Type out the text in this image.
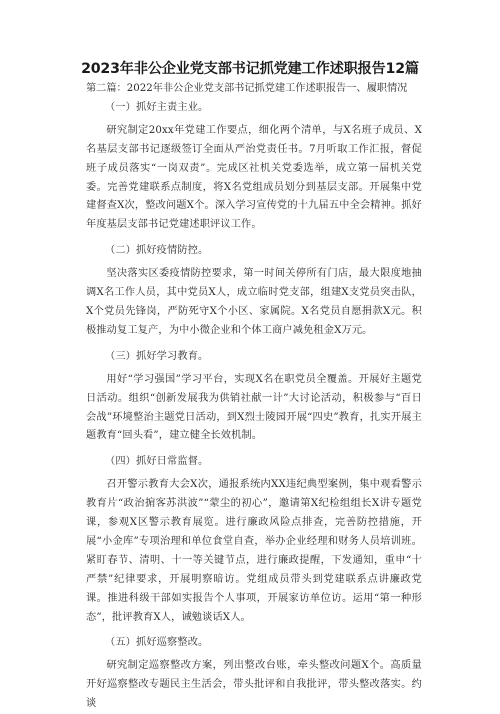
2023年非公企业党支部书记抓党建工作述职报告12篇

第二篇：2022年非公企业党支部书记抓党建工作述职报告一、履职情况

（一）抓好主责主业。

研究制定20xx年党建工作要点，细化两个清单，与X名班子成员、X名基层支部书记逐级签订全面从严治党责任书。7月听取工作汇报，督促班子成员落实“一岗双责”。完成区社机关党委选举，成立第一届机关党委。完善党建联系点制度，将X名党组成员划分到基层支部。开展集中党建督查X次，整改问题X个。深入学习宣传党的十九届五中全会精神。抓好年度基层支部书记党建述职评议工作。

（二）抓好疫情防控。

坚决落实区委疫情防控要求，第一时间关停所有门店，最大限度地抽调X名工作人员，其中党员X人，成立临时党支部，组建X支党员突击队，X个党员先锋岗，严防死守X个小区、家属院。X名党员自愿捐款X元。积极推动复工复产，为中小微企业和个体工商户减免租金X万元。

（三）抓好学习教育。

用好“学习强国”学习平台，实现X名在职党员全覆盖。开展好主题党日活动。组织“创新发展我为供销社献一计”大讨论活动，积极参与“百日会战”环境整治主题党日活动，到X烈士陵园开展“四史”教育，扎实开展主题教育“回头看”，建立健全长效机制。

（四）抓好日常监督。

召开警示教育大会X次，通报系统内XX违纪典型案例，集中观看警示教育片“政治掮客苏洪波”“蒙尘的初心”，邀请第X纪检组组长X讲专题党课，参观X区警示教育展览。进行廉政风险点排查，完善防控措施，开展“小金库”专项治理和单位食堂自查，举办企业经理和财务人员培训班。紧盯春节、清明、十一等关键节点，进行廉政提醒，下发通知，重申“十严禁”纪律要求，开展明察暗访。党组成员带头到党建联系点讲廉政党课。推进科级干部如实报告个人事项，开展家访单位访。运用“第一种形态”，批评教育X人，诫勉谈话X人。

（五）抓好巡察整改。

研究制定巡察整改方案，列出整改台账，牵头整改问题X个。高质量开好巡察整改专题民主生活会，带头批评和自我批评，带头整改落实。约谈
